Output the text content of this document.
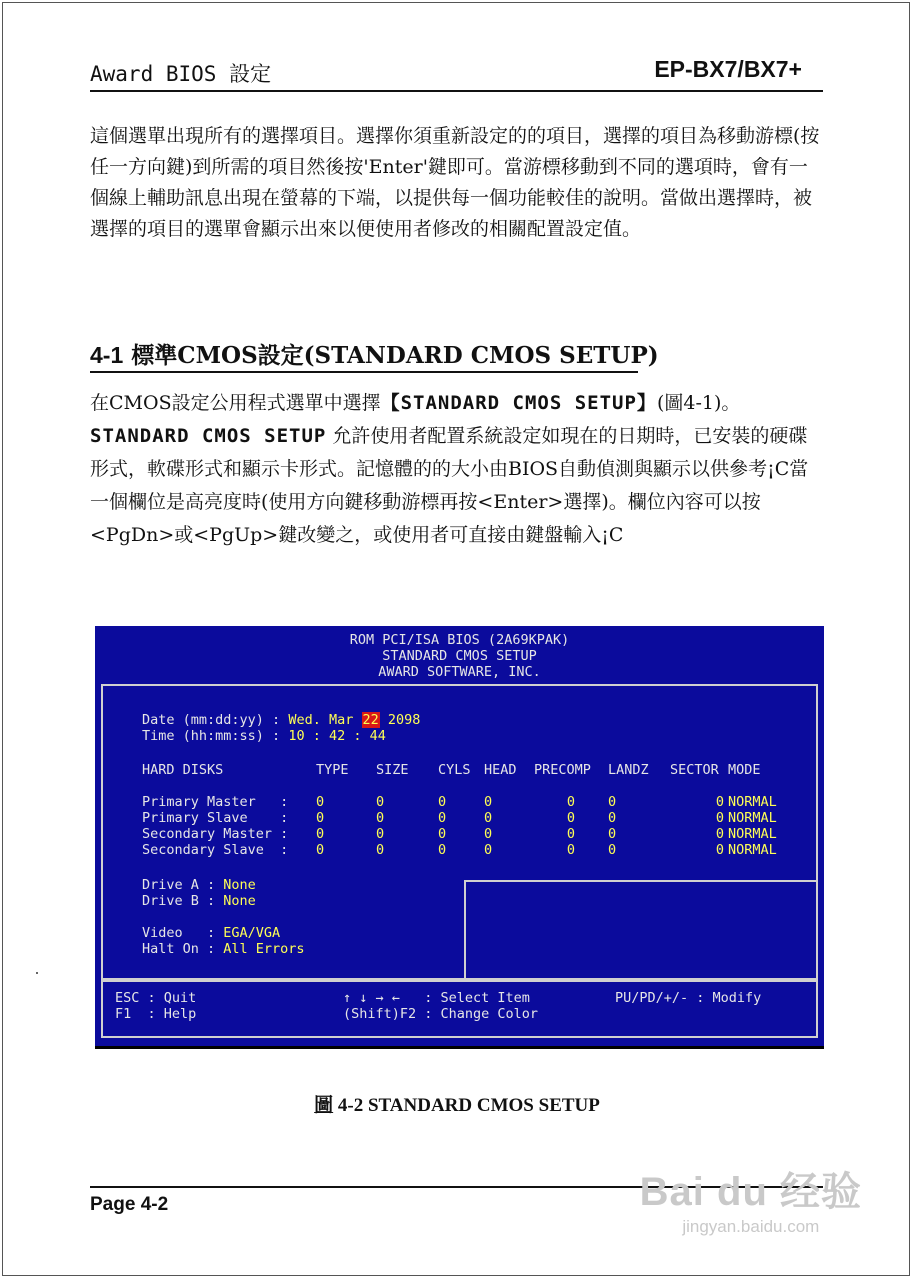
Award BIOS 設定	EP-BX7/BX7+

這個選單出現所有的選擇項目。選擇你須重新設定的的項目，選擇的項目為移動游標(按任一方向鍵)到所需的項目然後按'Enter'鍵即可。當游標移動到不同的選項時，會有一個線上輔助訊息出現在螢幕的下端，以提供每一個功能較佳的說明。當做出選擇時，被選擇的項目的選單會顯示出來以便使用者修改的相關配置設定值。

4-1 標準CMOS設定(STANDARD CMOS SETUP)

在CMOS設定公用程式選單中選擇【STANDARD CMOS SETUP】(圖4-1)。
STANDARD CMOS SETUP 允許使用者配置系統設定如現在的日期時，已安裝的硬碟形式，軟碟形式和顯示卡形式。記憶體的的大小由BIOS自動偵測與顯示以供參考¡C當一個欄位是高亮度時(使用方向鍵移動游標再按<Enter>選擇)。欄位內容可以按<PgDn>或<PgUp>鍵改變之，或使用者可直接由鍵盤輸入¡C

ROM PCI/ISA BIOS (2A69KPAK)
STANDARD CMOS SETUP
AWARD SOFTWARE, INC.
Date (mm:dd:yy) : Wed. Mar 22 2098
Time (hh:mm:ss) : 10 : 42 : 44
HARD DISKS	TYPE	SIZE	CYLS	HEAD	PRECOMP	LANDZ	SECTOR	MODE

Primary Master   :	0	0	0	0	0	0	0	NORMAL
Primary Slave    :	0	0	0	0	0	0	0	NORMAL
Secondary Master :	0	0	0	0	0	0	0	NORMAL
Secondary Slave  :	0	0	0	0	0	0	0	NORMAL
Drive A : None
Drive B : None
Video   : EGA/VGA
Halt On : All Errors
ESC : Quit
F1  : Help
↑ ↓ → ←   : Select Item
(Shift)F2 : Change Color
PU/PD/+/- : Modify
圖 4-2 STANDARD CMOS SETUP
Page 4-2	Bai du 经验
jingyan.baidu.com
